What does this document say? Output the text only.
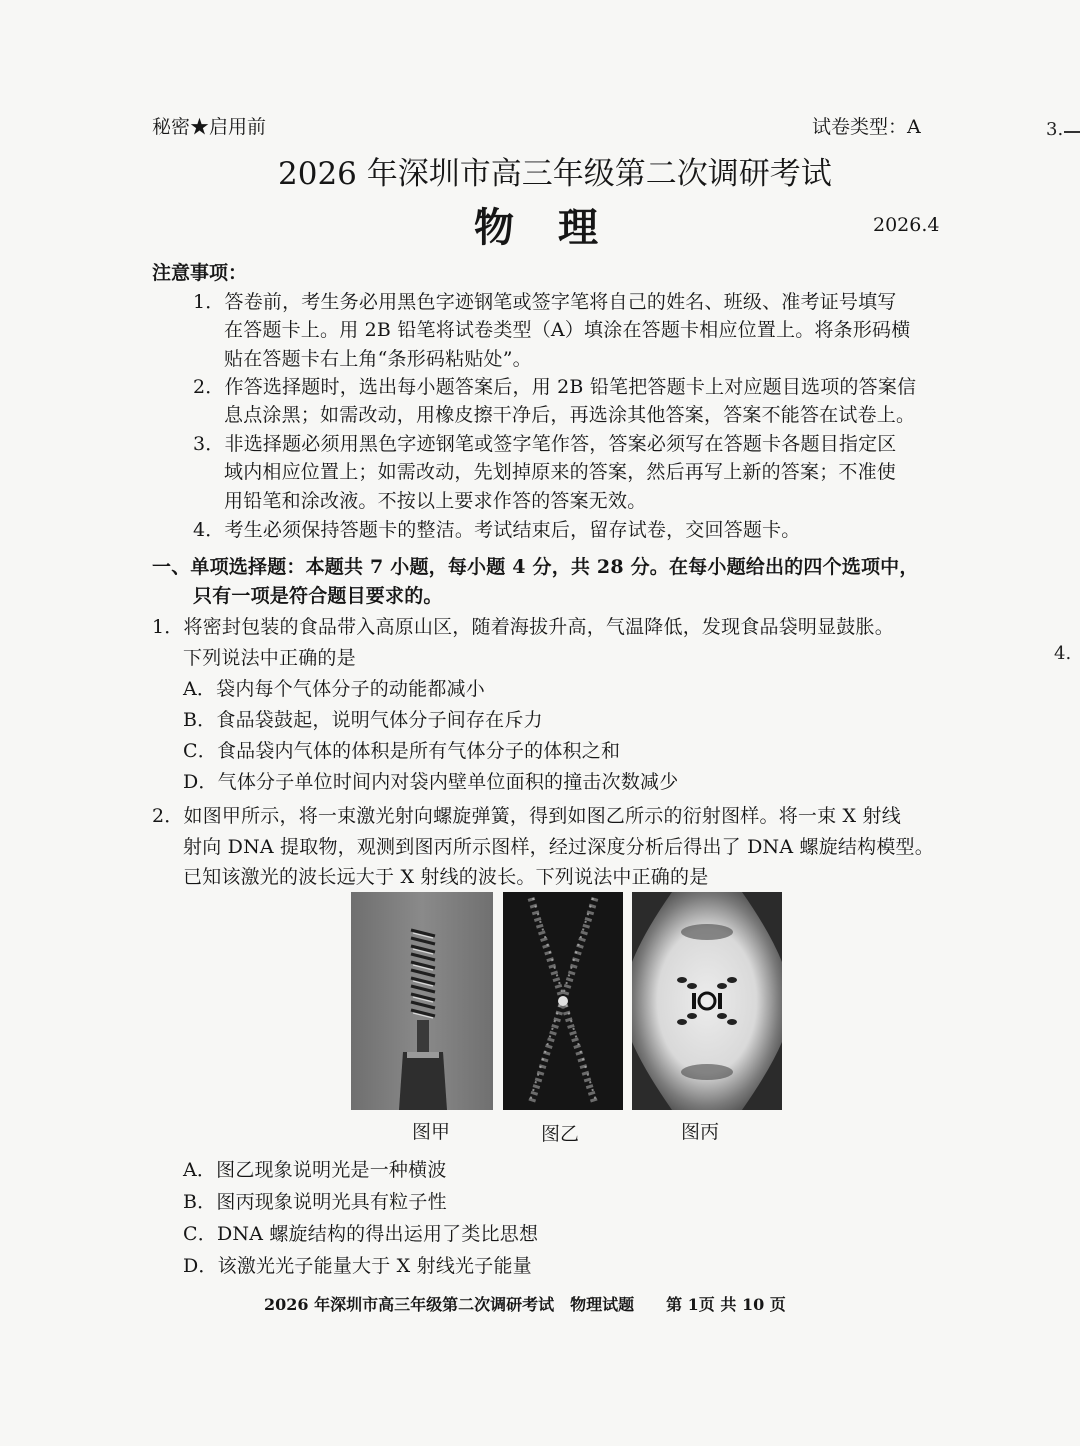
秘密★启用前	试卷类型：A
2026 年深圳市高三年级第二次调研考试
物　理	2026.4
注意事项：
1．答卷前，考生务必用黑色字迹钢笔或签字笔将自己的姓名、班级、准考证号填写
在答题卡上。用 2B 铅笔将试卷类型（A）填涂在答题卡相应位置上。将条形码横
贴在答题卡右上角“条形码粘贴处”。
2．作答选择题时，选出每小题答案后，用 2B 铅笔把答题卡上对应题目选项的答案信
息点涂黑；如需改动，用橡皮擦干净后，再选涂其他答案，答案不能答在试卷上。
3．非选择题必须用黑色字迹钢笔或签字笔作答，答案必须写在答题卡各题目指定区
域内相应位置上；如需改动，先划掉原来的答案，然后再写上新的答案；不准使
用铅笔和涂改液。不按以上要求作答的答案无效。
4．考生必须保持答题卡的整洁。考试结束后，留存试卷，交回答题卡。
一、单项选择题：本题共 7 小题，每小题 4 分，共 28 分。在每小题给出的四个选项中，
只有一项是符合题目要求的。
1．将密封包装的食品带入高原山区，随着海拔升高，气温降低，发现食品袋明显鼓胀。
下列说法中正确的是
A．袋内每个气体分子的动能都减小
B．食品袋鼓起，说明气体分子间存在斥力
C．食品袋内气体的体积是所有气体分子的体积之和
D．气体分子单位时间内对袋内壁单位面积的撞击次数减少
2．如图甲所示，将一束激光射向螺旋弹簧，得到如图乙所示的衍射图样。将一束 X 射线
射向 DNA 提取物，观测到图丙所示图样，经过深度分析后得出了 DNA 螺旋结构模型。
已知该激光的波长远大于 X 射线的波长。下列说法中正确的是
图甲	图乙	图丙
A．图乙现象说明光是一种横波
B．图丙现象说明光具有粒子性
C．DNA 螺旋结构的得出运用了类比思想
D．该激光光子能量大于 X 射线光子能量
2026 年深圳市高三年级第二次调研考试　物理试题　　第 1页 共 10 页
3.
4.
